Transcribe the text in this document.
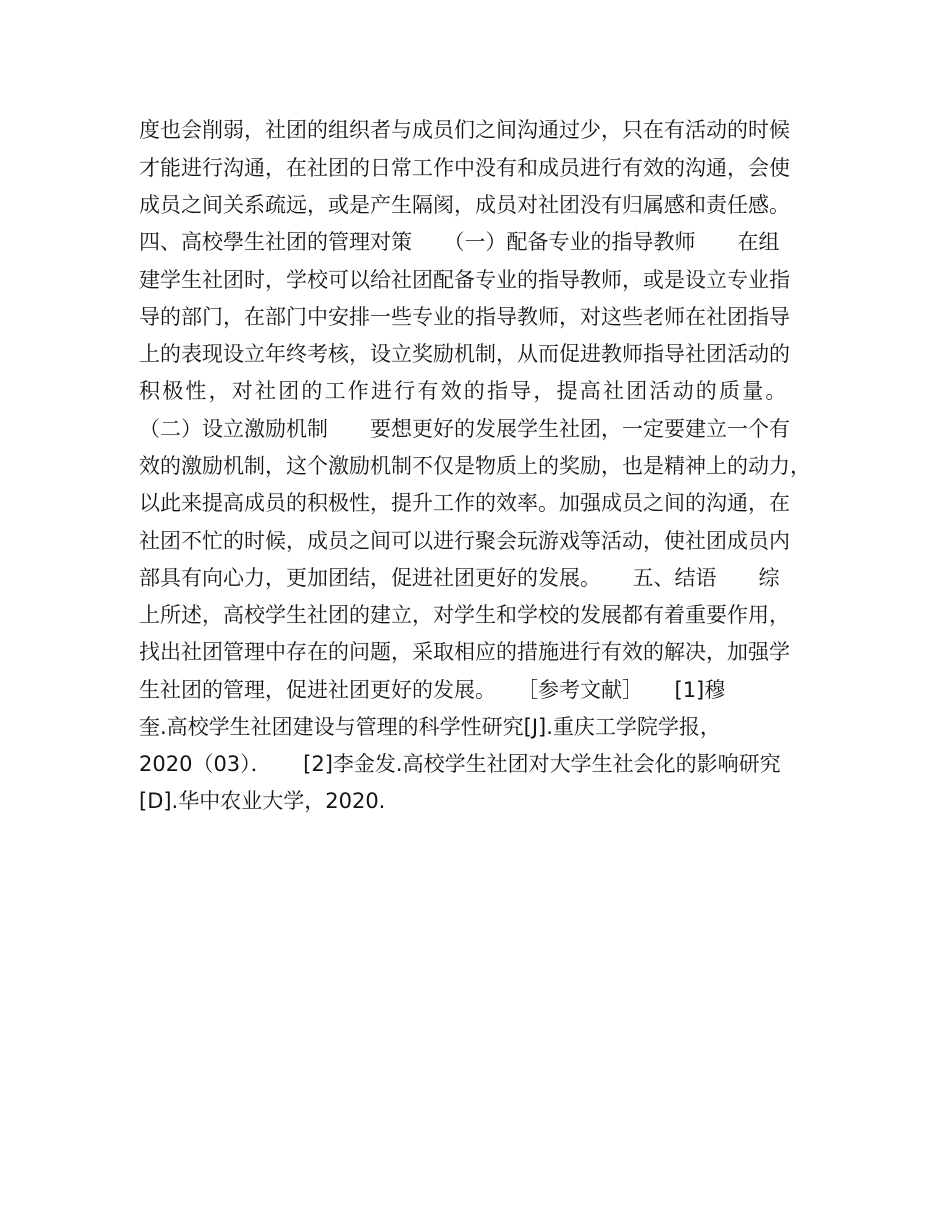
度也会削弱，社团的组织者与成员们之间沟通过少，只在有活动的时候
才能进行沟通，在社团的日常工作中没有和成员进行有效的沟通，会使
成员之间关系疏远，或是产生隔阂，成员对社团没有归属感和责任感。
四、高校學生社团的管理对策　　（一）配备专业的指导教师　　在组
建学生社团时，学校可以给社团配备专业的指导教师，或是设立专业指
导的部门，在部门中安排一些专业的指导教师，对这些老师在社团指导
上的表现设立年终考核，设立奖励机制，从而促进教师指导社团活动的
积极性，对社团的工作进行有效的指导，提高社团活动的质量。
（二）设立激励机制　　要想更好的发展学生社团，一定要建立一个有
效的激励机制，这个激励机制不仅是物质上的奖励，也是精神上的动力，
以此来提高成员的积极性，提升工作的效率。加强成员之间的沟通，在
社团不忙的时候，成员之间可以进行聚会玩游戏等活动，使社团成员内
部具有向心力，更加团结，促进社团更好的发展。　　五、结语　　综
上所述，高校学生社团的建立，对学生和学校的发展都有着重要作用，
找出社团管理中存在的问题，采取相应的措施进行有效的解决，加强学
生社团的管理，促进社团更好的发展。　　［参考文献］　　[1]穆
奎.高校学生社团建设与管理的科学性研究[J].重庆工学院学报，
2020（03）．　　[2]李金发.高校学生社团对大学生社会化的影响研究
[D].华中农业大学，2020.
